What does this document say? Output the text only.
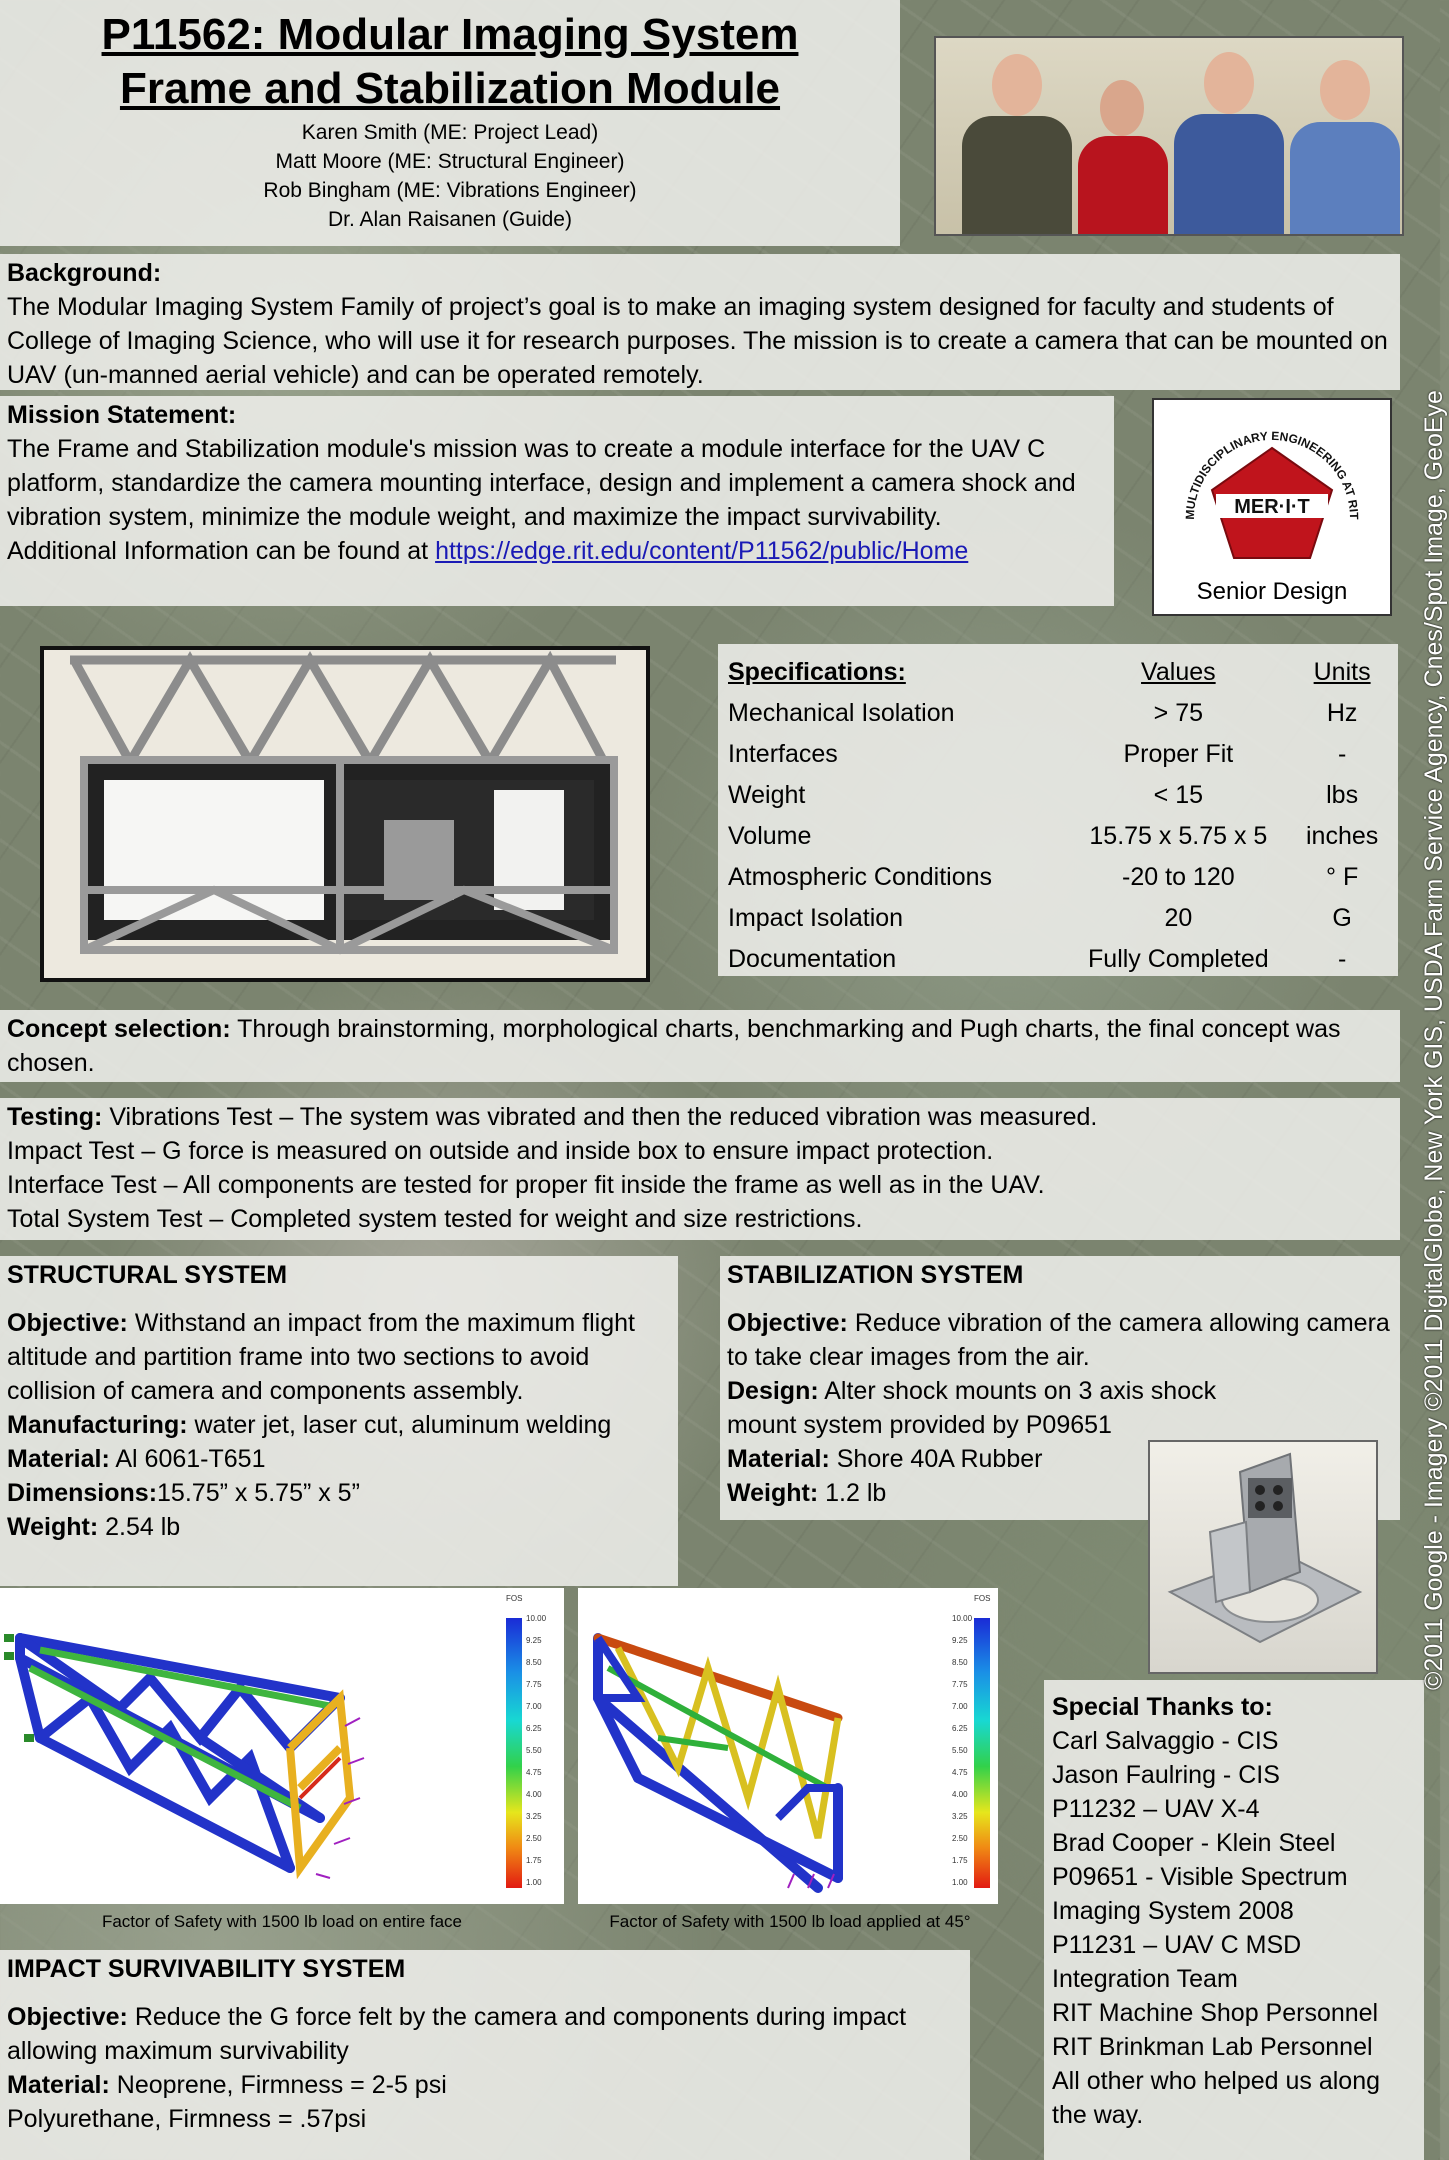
P11562: Modular Imaging System
Frame and Stabilization Module
Karen Smith (ME: Project Lead)
Matt Moore (ME: Structural Engineer)
Rob Bingham (ME: Vibrations Engineer)
Dr. Alan Raisanen (Guide)
Background:
The Modular Imaging System Family of project’s goal is to make an imaging system designed for faculty and students of College of Imaging Science, who will use it for research purposes. The mission is to create a camera that can be mounted on UAV (un-manned aerial vehicle) and can be operated remotely.
Mission Statement:
The Frame and Stabilization module's mission was to create a module interface for the UAV C platform, standardize the camera mounting interface, design and implement a camera shock and vibration system, minimize the module weight, and maximize the impact survivability.
Additional Information can be found at https://edge.rit.edu/content/P11562/public/Home
MULTIDISCIPLINARY ENGINEERING AT RIT
MER·I·T
Senior Design
Specifications:	Values	Units
Mechanical Isolation	> 75	Hz
Interfaces	Proper Fit	-
Weight	< 15	lbs
Volume	15.75 x 5.75 x 5	inches
Atmospheric Conditions	-20 to 120	° F
Impact Isolation	20	G
Documentation	Fully Completed	-
Concept selection: Through brainstorming, morphological charts, benchmarking and Pugh charts, the final concept was chosen.
Testing: Vibrations Test – The system was vibrated and then the reduced vibration was measured.
Impact Test – G force is measured on outside and inside box to ensure impact protection.
Interface Test – All components are tested for proper fit inside the frame as well as in the UAV.
Total System Test – Completed system tested for weight and size restrictions.
STRUCTURAL SYSTEM
Objective: Withstand an impact from the maximum flight altitude and partition frame into two sections to avoid collision of camera and components assembly.
Manufacturing: water jet, laser cut, aluminum welding
Material: Al 6061-T651
Dimensions:15.75” x 5.75” x 5”
Weight: 2.54 lb
STABILIZATION SYSTEM
Objective: Reduce vibration of the camera allowing camera to take clear images from the air.
Design: Alter shock mounts on 3 axis shock mount system provided by P09651
Material: Shore 40A Rubber
Weight: 1.2 lb
FOS
10.00
9.25
8.50
7.75
7.00
6.25
5.50
4.75
4.00
3.25
2.50
1.75
1.00
FOS
10.00
9.25
8.50
7.75
7.00
6.25
5.50
4.75
4.00
3.25
2.50
1.75
1.00
Factor of Safety with 1500 lb load on entire face	Factor of Safety with 1500 lb load applied at 45°
IMPACT SURVIVABILITY SYSTEM
Objective: Reduce the G force felt by the camera and components during impact allowing maximum survivability
Material: Neoprene, Firmness = 2-5 psi
Polyurethane, Firmness = .57psi
Special Thanks to:
Carl Salvaggio - CIS
Jason Faulring - CIS
P11232 – UAV X-4
Brad Cooper - Klein Steel
P09651 - Visible Spectrum Imaging System 2008
P11231 – UAV C MSD Integration Team
RIT Machine Shop Personnel
RIT Brinkman Lab Personnel
All other who helped us along the way.
©2011 Google - Imagery ©2011 DigitalGlobe, New York GIS, USDA Farm Service Agency, Cnes/Spot Image, GeoEye
